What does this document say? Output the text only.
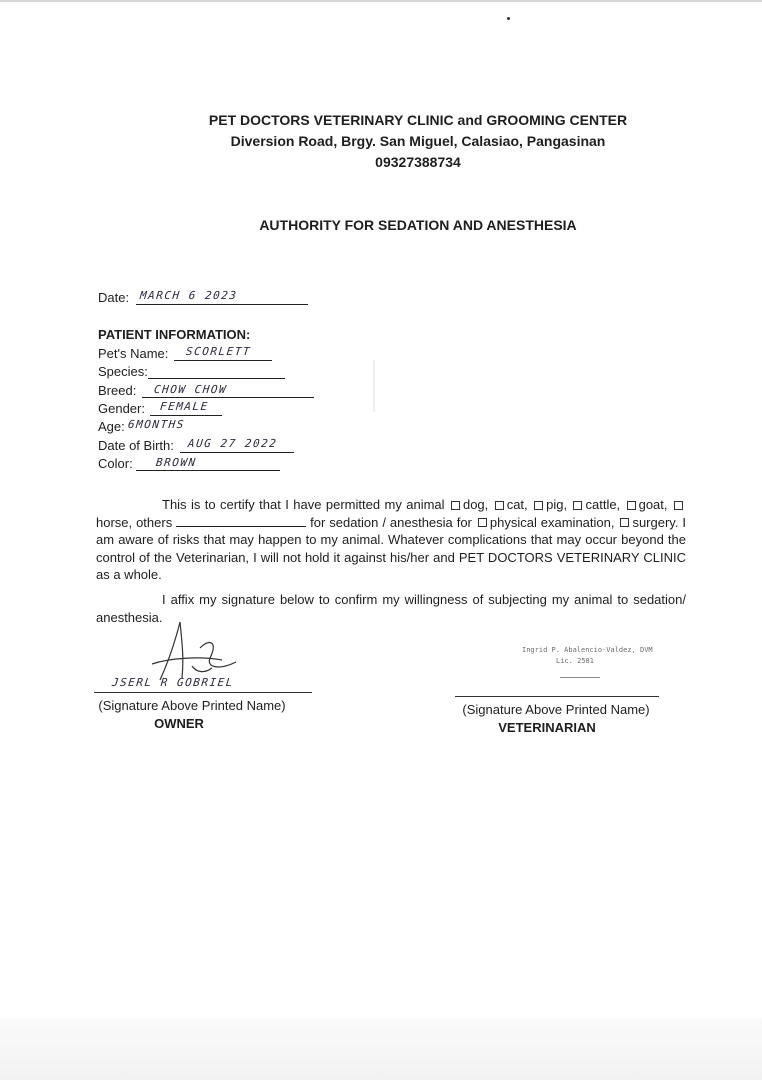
PET DOCTORS VETERINARY CLINIC and GROOMING CENTER
Diversion Road, Brgy. San Miguel, Calasiao, Pangasinan
09327388734
AUTHORITY FOR SEDATION AND ANESTHESIA
Date: MARCH 6 2023
PATIENT INFORMATION:
Pet's Name: SCORLETT
Species:
Breed: CHOW CHOW
Gender: FEMALE
Age: 6MONTHS
Date of Birth: AUG 27 2022
Color: BROWN
This is to certify that I have permitted my animal dog, cat, pig, cattle, goat, horse, others	for sedation / anesthesia for physical examination, surgery. I am aware of risks that may happen to my animal. Whatever complications that may occur beyond the control of the Veterinarian, I will not hold it against his/her and PET DOCTORS VETERINARY CLINIC as a whole.
I affix my signature below to confirm my willingness of subjecting my animal to sedation/ anesthesia.
JSERL R GOBRIEL
(Signature Above Printed Name)
OWNER
Ingrid P. Abalencio-Valdez, DVM
Lic. 2581
(Signature Above Printed Name)
VETERINARIAN
